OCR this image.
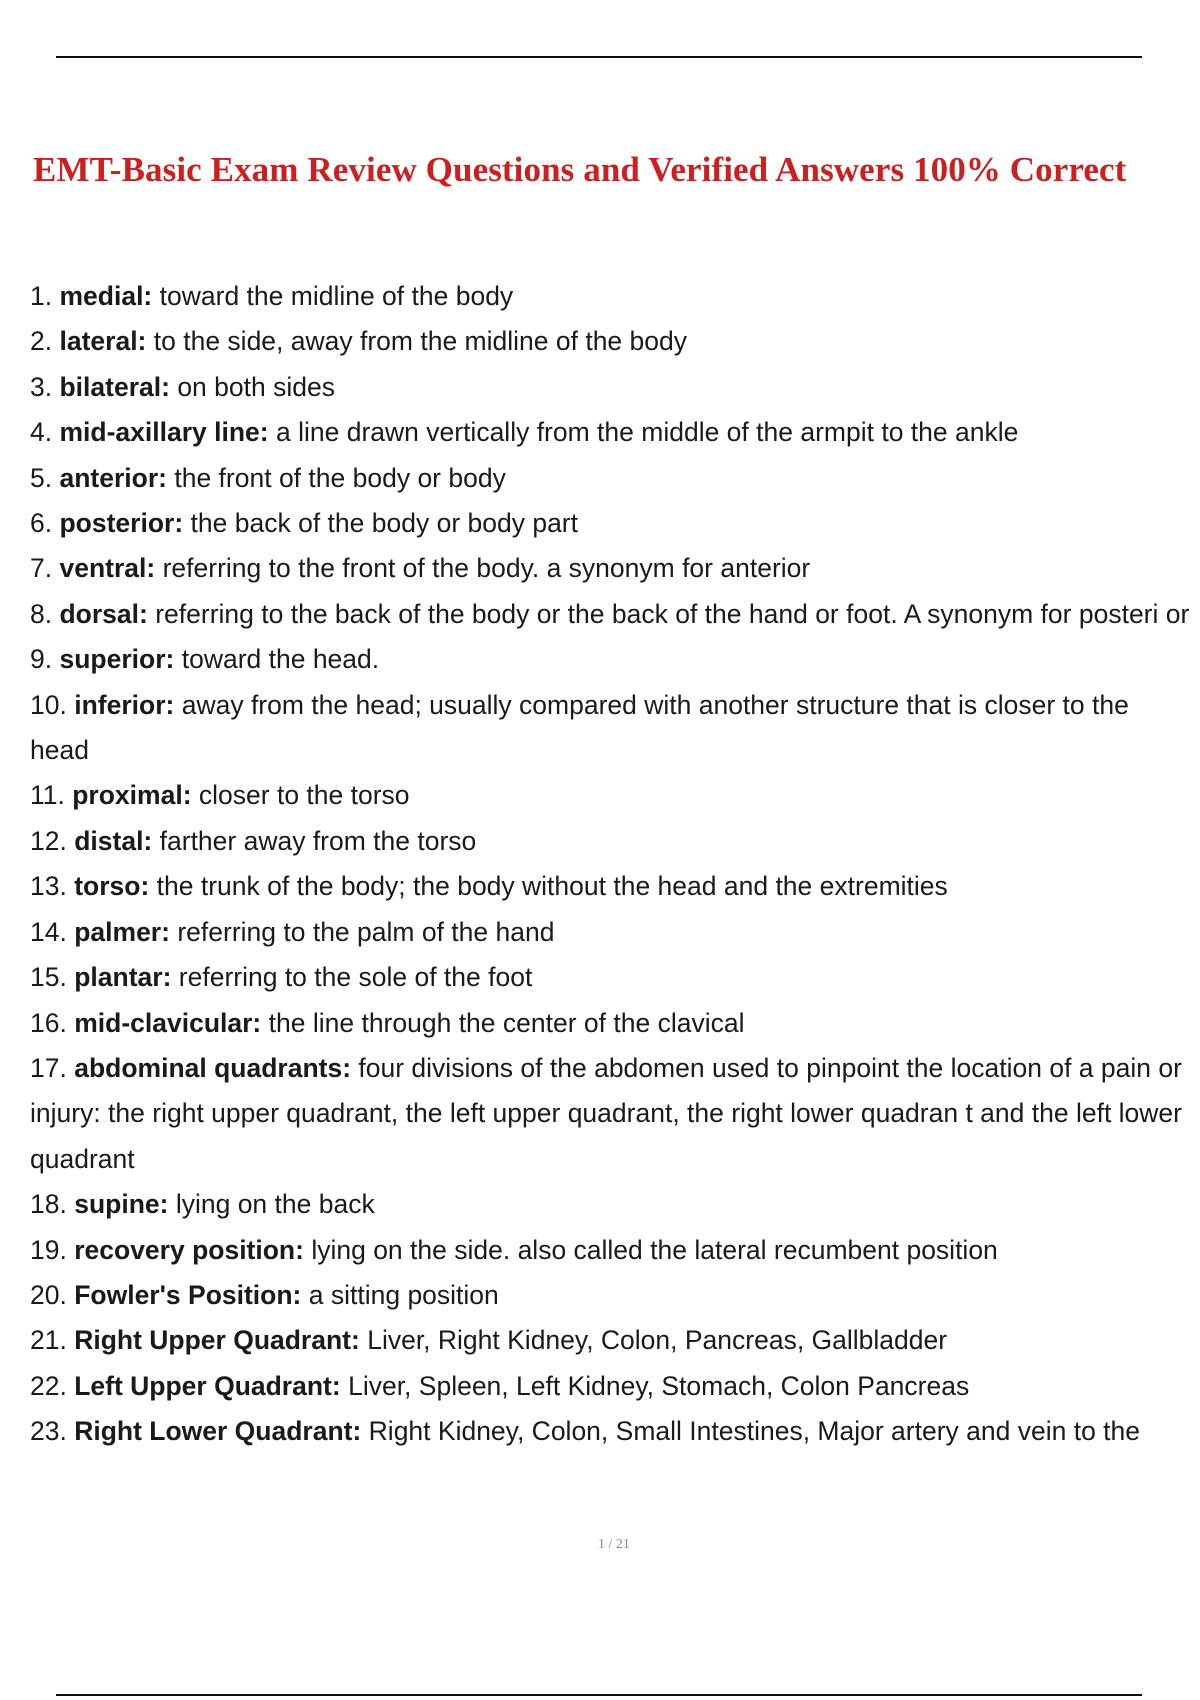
EMT-Basic Exam Review Questions and Verified Answers 100% Correct
1. medial: toward the midline of the body
2. lateral: to the side, away from the midline of the body
3. bilateral: on both sides
4. mid-axillary line: a line drawn vertically from the middle of the armpit to the ankle
5. anterior: the front of the body or body
6. posterior: the back of the body or body part
7. ventral: referring to the front of the body. a synonym for anterior
8. dorsal: referring to the back of the body or the back of the hand or foot. A synonym for posteri or
9. superior: toward the head.
10. inferior: away from the head; usually compared with another structure that is closer to the head
11. proximal: closer to the torso
12. distal: farther away from the torso
13. torso: the trunk of the body; the body without the head and the extremities
14. palmer: referring to the palm of the hand
15. plantar: referring to the sole of the foot
16. mid-clavicular: the line through the center of the clavical
17. abdominal quadrants: four divisions of the abdomen used to pinpoint the location of a pain or injury: the right upper quadrant, the left upper quadrant, the right lower quadran t and the left lower quadrant
18. supine: lying on the back
19. recovery position: lying on the side. also called the lateral recumbent position
20. Fowler's Position: a sitting position
21. Right Upper Quadrant: Liver, Right Kidney, Colon, Pancreas, Gallbladder
22. Left Upper Quadrant: Liver, Spleen, Left Kidney, Stomach, Colon Pancreas
23. Right Lower Quadrant: Right Kidney, Colon, Small Intestines, Major artery and vein to the
1 / 21
